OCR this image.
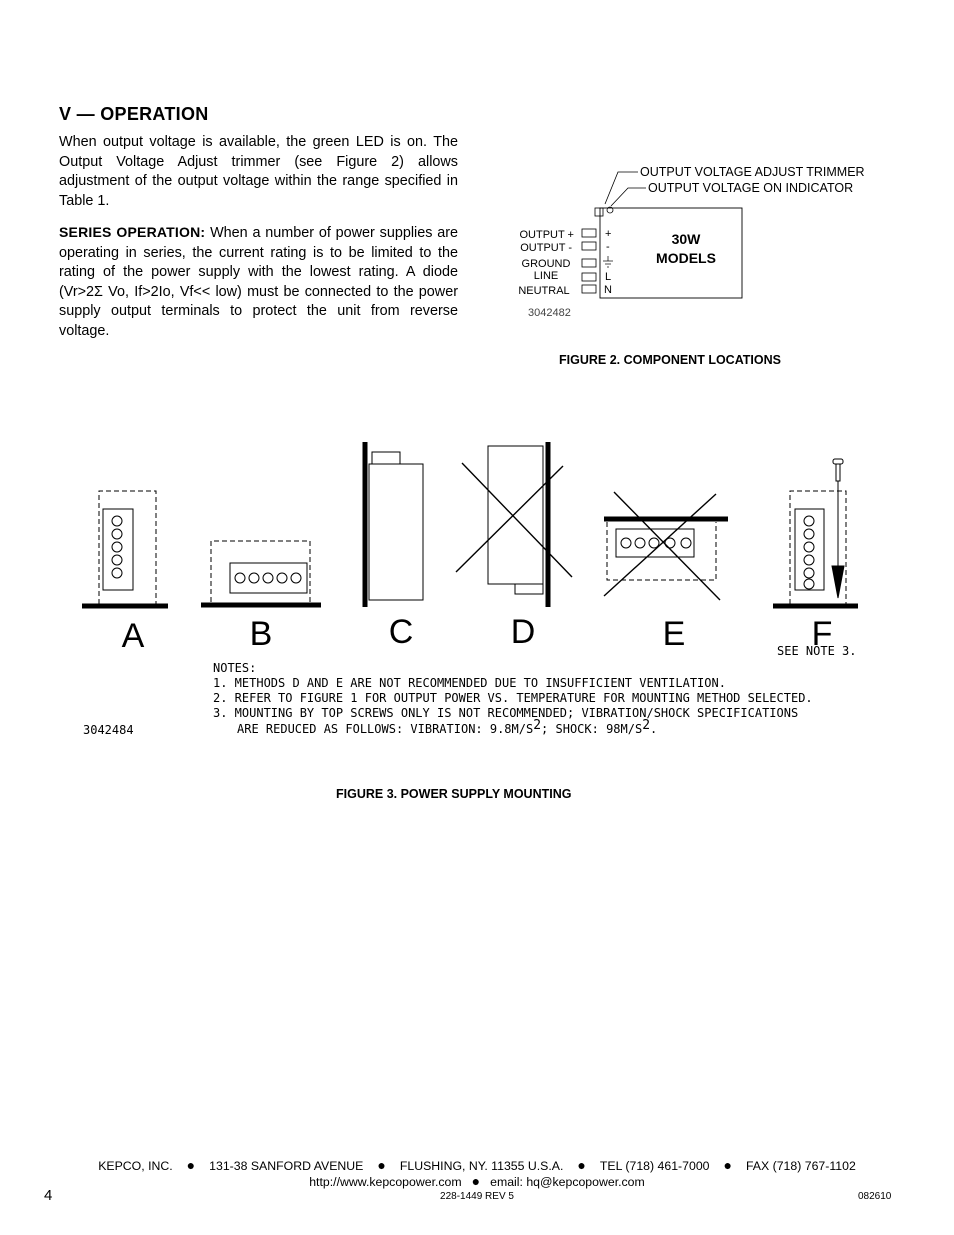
V — OPERATION
When output voltage is available, the green LED is on. The Output Voltage Adjust trimmer (see Figure 2) allows adjustment of the output voltage within the range specified in Table 1.
SERIES OPERATION: When a number of power supplies are operating in series, the current rating is to be limited to the rating of the power supply with the lowest rating. A diode (Vr>2Σ Vo, If>2Io, Vf<< low) must be connected to the power supply output terminals to protect the unit from reverse voltage.
OUTPUT VOLTAGE ADJUST TRIMMER
OUTPUT VOLTAGE ON INDICATOR
30W
MODELS
OUTPUT +
OUTPUT -
GROUND
LINE
NEUTRAL
+
-
L
N
3042482
FIGURE 2. COMPONENT LOCATIONS
A	B	C	D	E	F
SEE NOTE 3.
NOTES:
1. METHODS D AND E ARE NOT RECOMMENDED DUE TO INSUFFICIENT VENTILATION.
2. REFER TO FIGURE 1 FOR OUTPUT POWER VS. TEMPERATURE FOR MOUNTING METHOD SELECTED.
3. MOUNTING BY TOP SCREWS ONLY IS NOT RECOMMENDED; VIBRATION/SHOCK SPECIFICATIONS
ARE REDUCED AS FOLLOWS: VIBRATION: 9.8M/S2; SHOCK: 98M/S2.
3042484
FIGURE 3. POWER SUPPLY MOUNTING
KEPCO, INC. ● 131-38 SANFORD AVENUE ● FLUSHING, NY. 11355 U.S.A. ● TEL (718) 461-7000 ● FAX (718) 767-1102
http://www.kepcopower.com ● email: hq@kepcopower.com
4	228-1449 REV 5	082610
